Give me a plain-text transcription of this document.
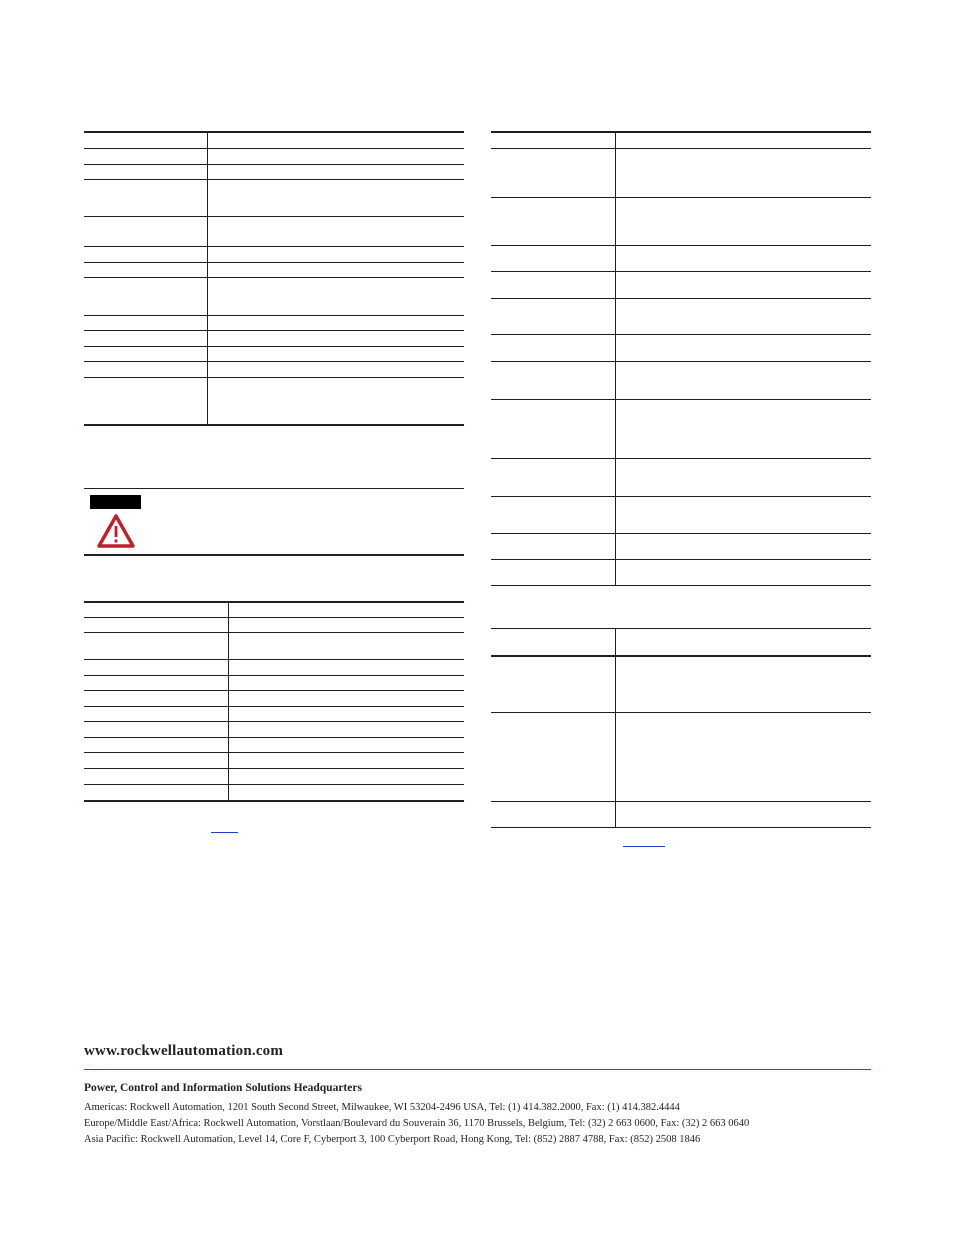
www.rockwellautomation.com

Power, Control and Information Solutions Headquarters

Americas: Rockwell Automation, 1201 South Second Street, Milwaukee, WI 53204-2496 USA, Tel: (1) 414.382.2000, Fax: (1) 414.382.4444

Europe/Middle East/Africa: Rockwell Automation, Vorstlaan/Boulevard du Souverain 36, 1170 Brussels, Belgium, Tel: (32) 2 663 0600, Fax: (32) 2 663 0640

Asia Pacific: Rockwell Automation, Level 14, Core F, Cyberport 3, 100 Cyberport Road, Hong Kong, Tel: (852) 2887 4788, Fax: (852) 2508 1846
